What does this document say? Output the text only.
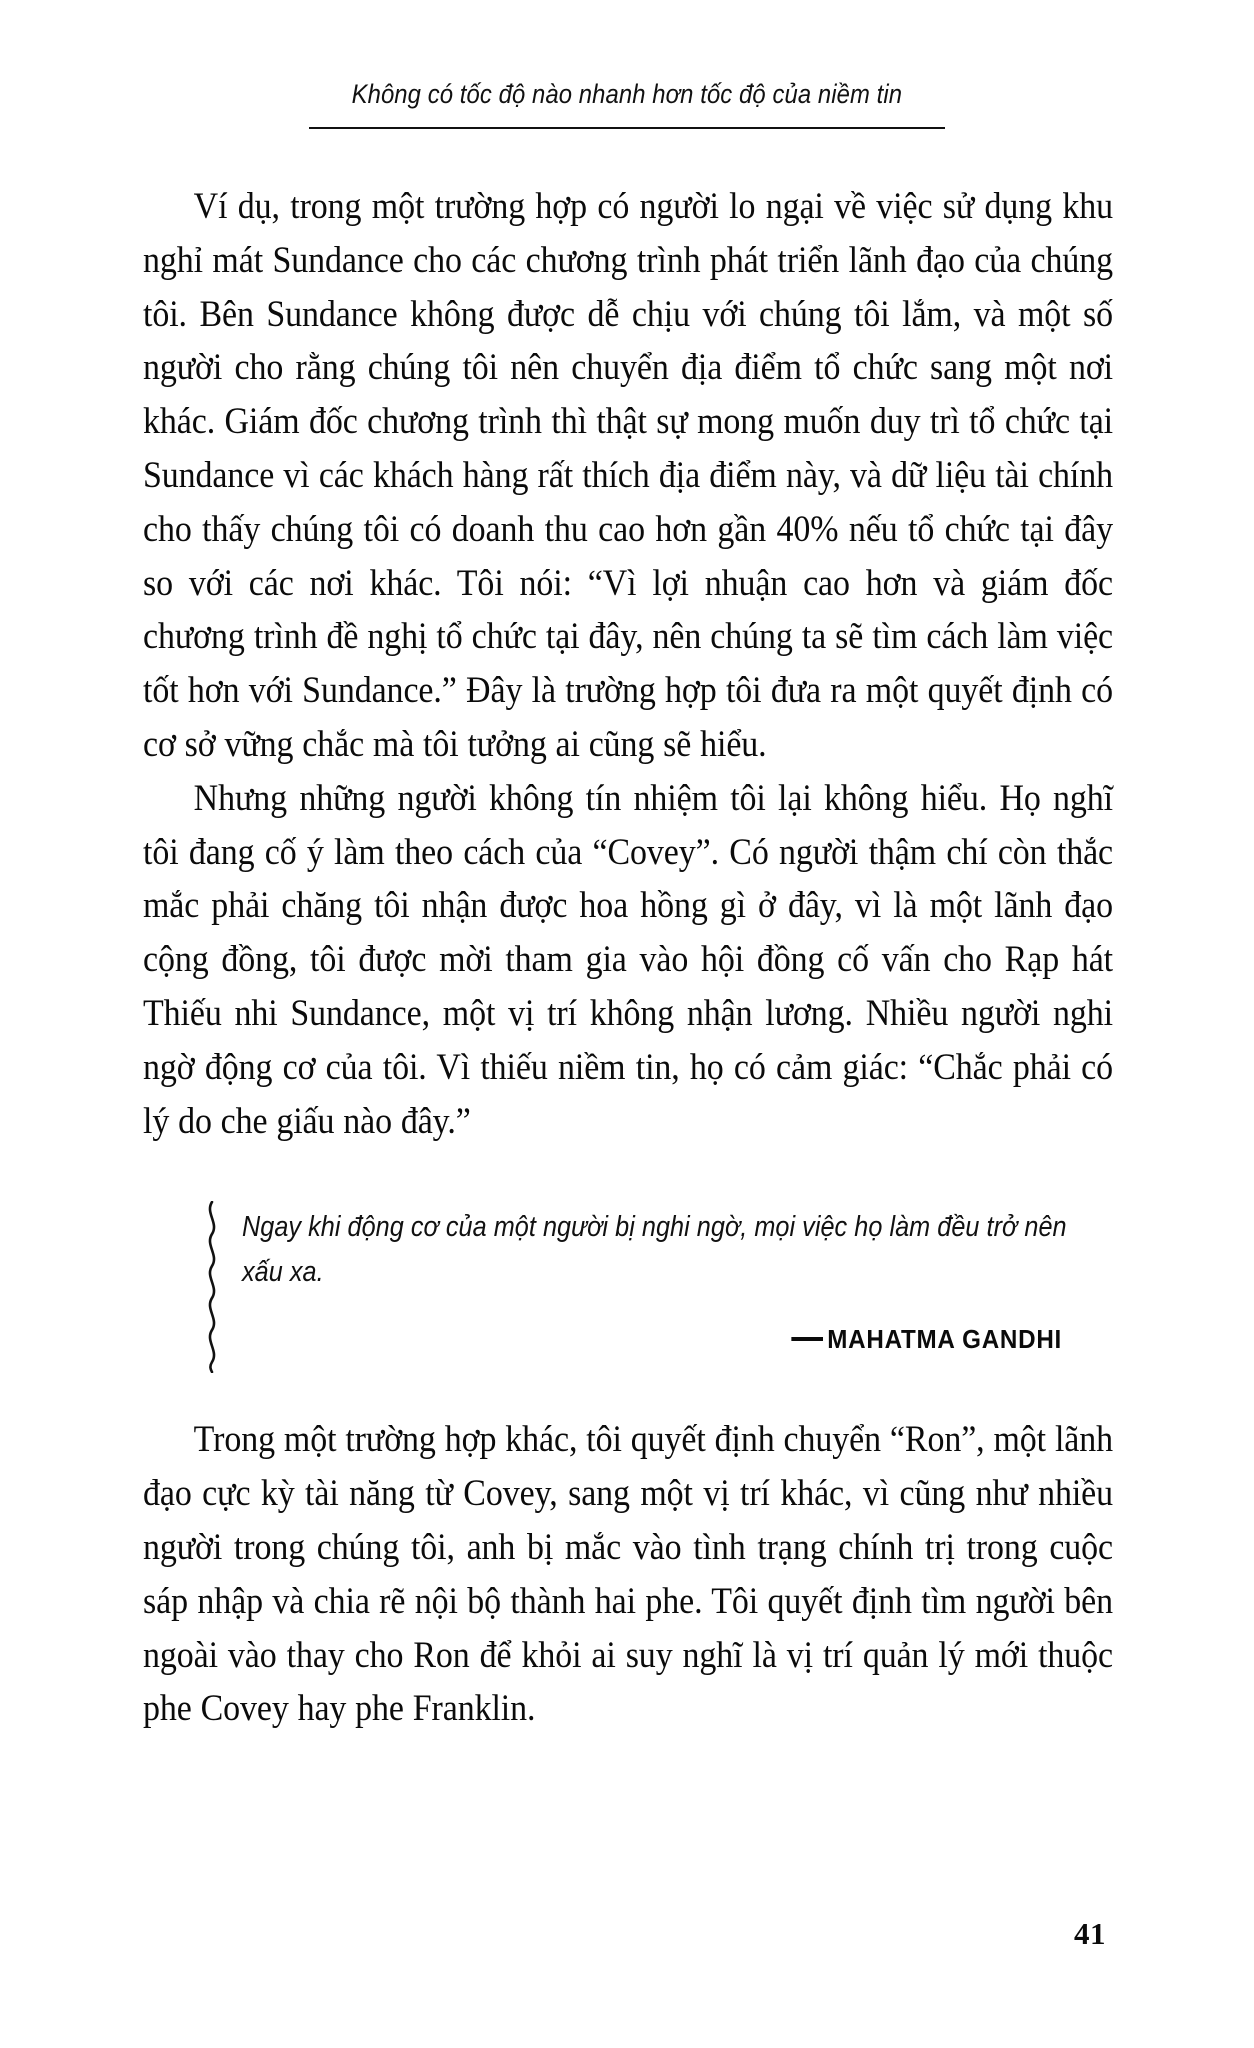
Không có tốc độ nào nhanh hơn tốc độ của niềm tin

Ví dụ, trong một trường hợp có người lo ngại về việc sử dụng khu nghỉ mát Sundance cho các chương trình phát triển lãnh đạo của chúng tôi. Bên Sundance không được dễ chịu với chúng tôi lắm, và một số người cho rằng chúng tôi nên chuyển địa điểm tổ chức sang một nơi khác. Giám đốc chương trình thì thật sự mong muốn duy trì tổ chức tại Sundance vì các khách hàng rất thích địa điểm này, và dữ liệu tài chính cho thấy chúng tôi có doanh thu cao hơn gần 40% nếu tổ chức tại đây so với các nơi khác. Tôi nói: “Vì lợi nhuận cao hơn và giám đốc chương trình đề nghị tổ chức tại đây, nên chúng ta sẽ tìm cách làm việc tốt hơn với Sundance.” Đây là trường hợp tôi đưa ra một quyết định có cơ sở vững chắc mà tôi tưởng ai cũng sẽ hiểu.

Nhưng những người không tín nhiệm tôi lại không hiểu. Họ nghĩ tôi đang cố ý làm theo cách của “Covey”. Có người thậm chí còn thắc mắc phải chăng tôi nhận được hoa hồng gì ở đây, vì là một lãnh đạo cộng đồng, tôi được mời tham gia vào hội đồng cố vấn cho Rạp hát Thiếu nhi Sundance, một vị trí không nhận lương. Nhiều người nghi ngờ động cơ của tôi. Vì thiếu niềm tin, họ có cảm giác: “Chắc phải có lý do che giấu nào đây.”

Ngay khi động cơ của một người bị nghi ngờ, mọi việc họ làm đều trở nên xấu xa.
MAHATMA GANDHI

Trong một trường hợp khác, tôi quyết định chuyển “Ron”, một lãnh đạo cực kỳ tài năng từ Covey, sang một vị trí khác, vì cũng như nhiều người trong chúng tôi, anh bị mắc vào tình trạng chính trị trong cuộc sáp nhập và chia rẽ nội bộ thành hai phe. Tôi quyết định tìm người bên ngoài vào thay cho Ron để khỏi ai suy nghĩ là vị trí quản lý mới thuộc phe Covey hay phe Franklin.

41
